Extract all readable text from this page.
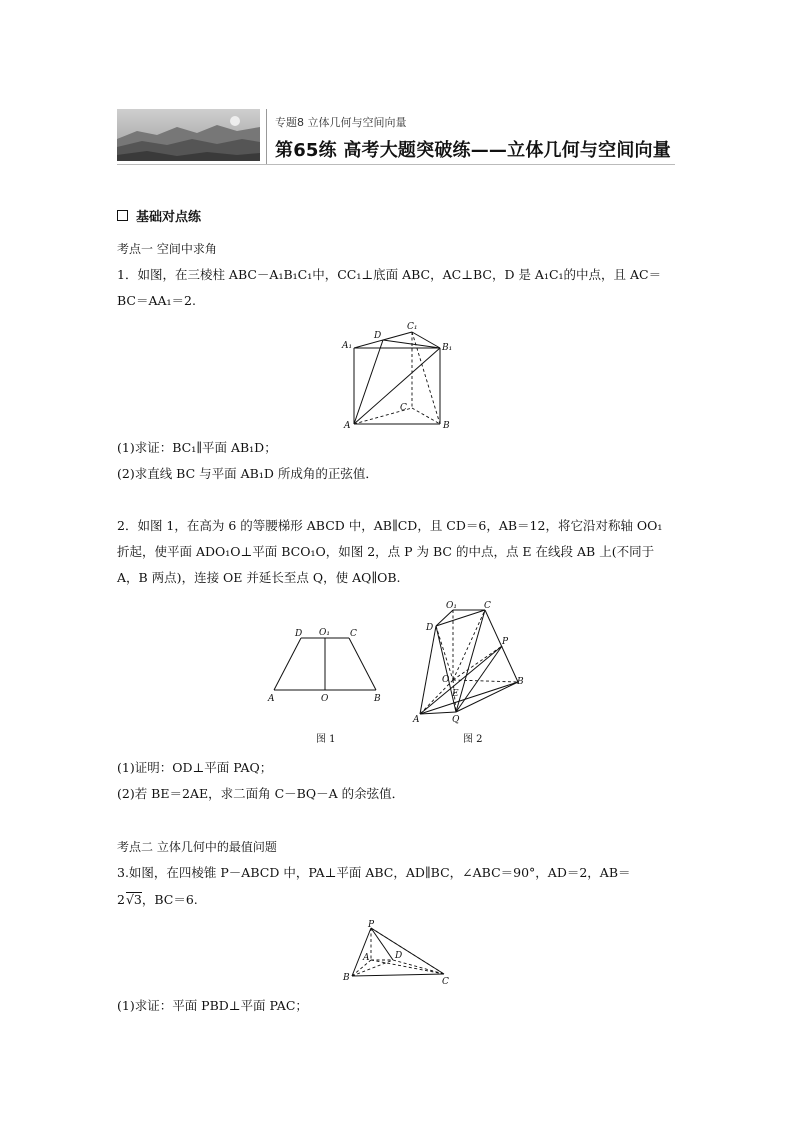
专题8 立体几何与空间向量
第65练 高考大题突破练——立体几何与空间向量
基础对点练
考点一 空间中求角
1．如图，在三棱柱 ABC－A₁B₁C₁中，CC₁⊥底面 ABC，AC⊥BC，D 是 A₁C₁的中点，且 AC＝
BC＝AA₁＝2.
A₁	B₁
C₁
D
A	B
C
(1)求证：BC₁∥平面 AB₁D；
(2)求直线 BC 与平面 AB₁D 所成角的正弦值．
2．如图 1，在高为 6 的等腰梯形 ABCD 中，AB∥CD，且 CD＝6，AB＝12，将它沿对称轴 OO₁
折起，使平面 ADO₁O⊥平面 BCO₁O，如图 2，点 P 为 BC 的中点，点 E 在线段 AB 上(不同于
A，B 两点)，连接 OE 并延长至点 Q，使 AQ∥OB.
D O₁ C
A	O	B
图 1
O₁	C
D
P
O
E
B
A	Q
图 2
(1)证明：OD⊥平面 PAQ；
(2)若 BE＝2AE，求二面角 C－BQ－A 的余弦值．
考点二 立体几何中的最值问题
3.如图，在四棱锥 P－ABCD 中，PA⊥平面 ABC，AD∥BC，∠ABC＝90°，AD＝2，AB＝
2√3，BC＝6.
P
A	D
B	C
(1)求证：平面 PBD⊥平面 PAC；
